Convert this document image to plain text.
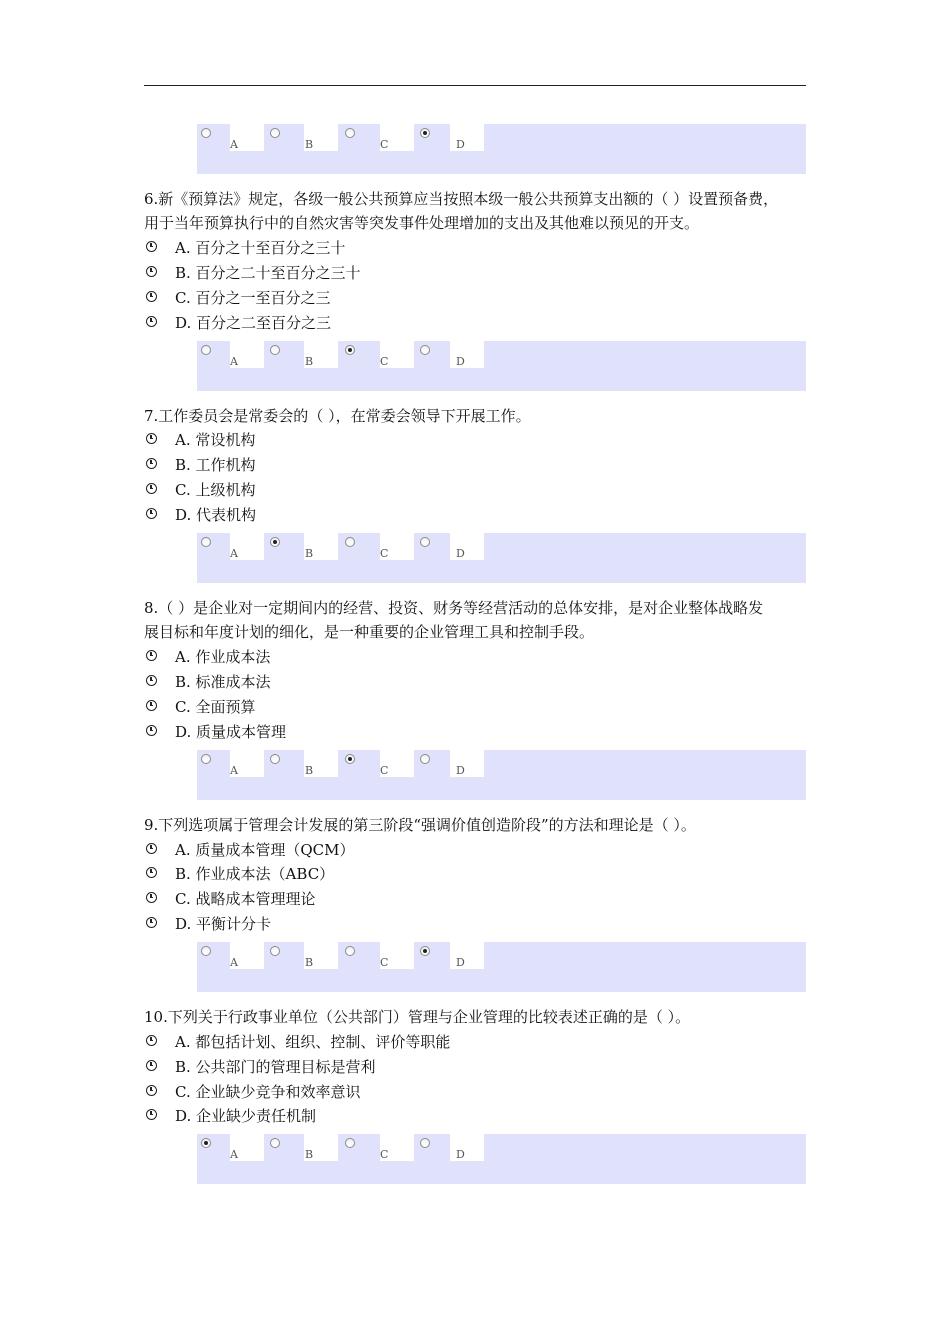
A	B	C	D

6.新《预算法》规定，各级一般公共预算应当按照本级一般公共预算支出额的（ ）设置预备费，
用于当年预算执行中的自然灾害等突发事件处理增加的支出及其他难以预见的开支。

A. 百分之十至百分之三十
B. 百分之二十至百分之三十
C. 百分之一至百分之三
D. 百分之二至百分之三
A	B	C	D

7.工作委员会是常委会的（ ），在常委会领导下开展工作。

A. 常设机构
B. 工作机构
C. 上级机构
D. 代表机构
A	B	C	D

8.（ ）是企业对一定期间内的经营、投资、财务等经营活动的总体安排，是对企业整体战略发
展目标和年度计划的细化，是一种重要的企业管理工具和控制手段。

A. 作业成本法
B. 标准成本法
C. 全面预算
D. 质量成本管理
A	B	C	D

9.下列选项属于管理会计发展的第三阶段“强调价值创造阶段”的方法和理论是（ ）。

A. 质量成本管理（QCM）
B. 作业成本法（ABC）
C. 战略成本管理理论
D. 平衡计分卡
A	B	C	D

10.下列关于行政事业单位（公共部门）管理与企业管理的比较表述正确的是（ ）。

A. 都包括计划、组织、控制、评价等职能
B. 公共部门的管理目标是营利
C. 企业缺少竞争和效率意识
D. 企业缺少责任机制
A	B	C	D
